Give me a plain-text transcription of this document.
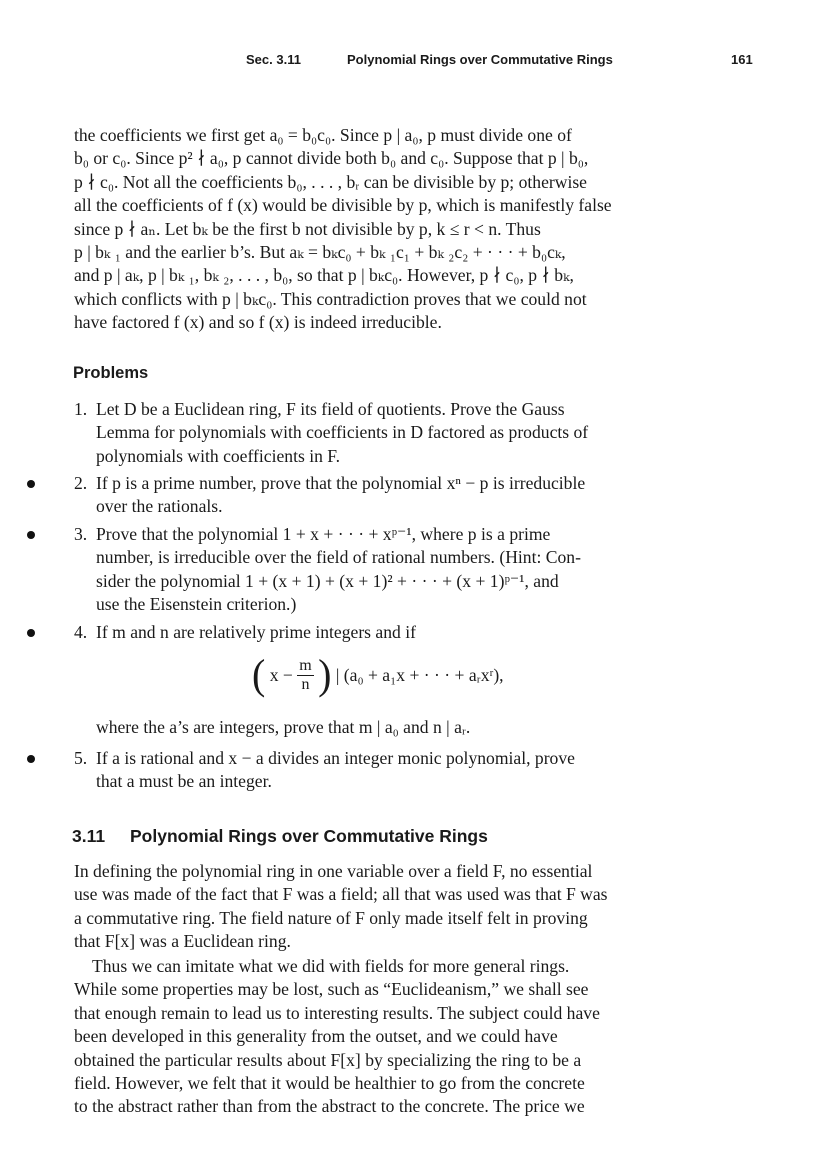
Sec. 3.11	Polynomial Rings over Commutative Rings	161

the coefficients we first get a₀ = b₀c₀. Since p | a₀, p must divide one of
b₀ or c₀. Since p² ∤ a₀, p cannot divide both b₀ and c₀. Suppose that p | b₀,
p ∤ c₀. Not all the coefficients b₀, . . . , bᵣ can be divisible by p; otherwise
all the coefficients of f (x) would be divisible by p, which is manifestly false
since p ∤ aₙ. Let bₖ be the first b not divisible by p, k ≤ r < n. Thus
p | bₖ ₁ and the earlier b’s. But aₖ = bₖc₀ + bₖ ₁c₁ + bₖ ₂c₂ + · · · + b₀cₖ,
and p | aₖ, p | bₖ ₁, bₖ ₂, . . . , b₀, so that p | bₖc₀. However, p ∤ c₀, p ∤ bₖ,
which conflicts with p | bₖc₀. This contradiction proves that we could not
have factored f (x) and so f (x) is indeed irreducible.

Problems
1. Let D be a Euclidean ring, F its field of quotients. Prove the Gauss
Lemma for polynomials with coefficients in D factored as products of
polynomials with coefficients in F.
2. If p is a prime number, prove that the polynomial xⁿ − p is irreducible
over the rationals.
3. Prove that the polynomial 1 + x + · · · + xᵖ⁻¹, where p is a prime
number, is irreducible over the field of rational numbers. (Hint: Con-
sider the polynomial 1 + (x + 1) + (x + 1)² + · · · + (x + 1)ᵖ⁻¹, and
use the Eisenstein criterion.)
4. If m and n are relatively prime integers and if
( $x - \frac{m}{n}$ ) | (a₀ + a₁x + · · · + aᵣxʳ),
where the a’s are integers, prove that m | a₀ and n | aᵣ.
5. If a is rational and x − a divides an integer monic polynomial, prove
that a must be an integer.
3.11 Polynomial Rings over Commutative Rings

In defining the polynomial ring in one variable over a field F, no essential
use was made of the fact that F was a field; all that was used was that F was
a commutative ring. The field nature of F only made itself felt in proving
that F[x] was a Euclidean ring.

Thus we can imitate what we did with fields for more general rings.
While some properties may be lost, such as “Euclideanism,” we shall see
that enough remain to lead us to interesting results. The subject could have
been developed in this generality from the outset, and we could have
obtained the particular results about F[x] by specializing the ring to be a
field. However, we felt that it would be healthier to go from the concrete
to the abstract rather than from the abstract to the concrete. The price we
